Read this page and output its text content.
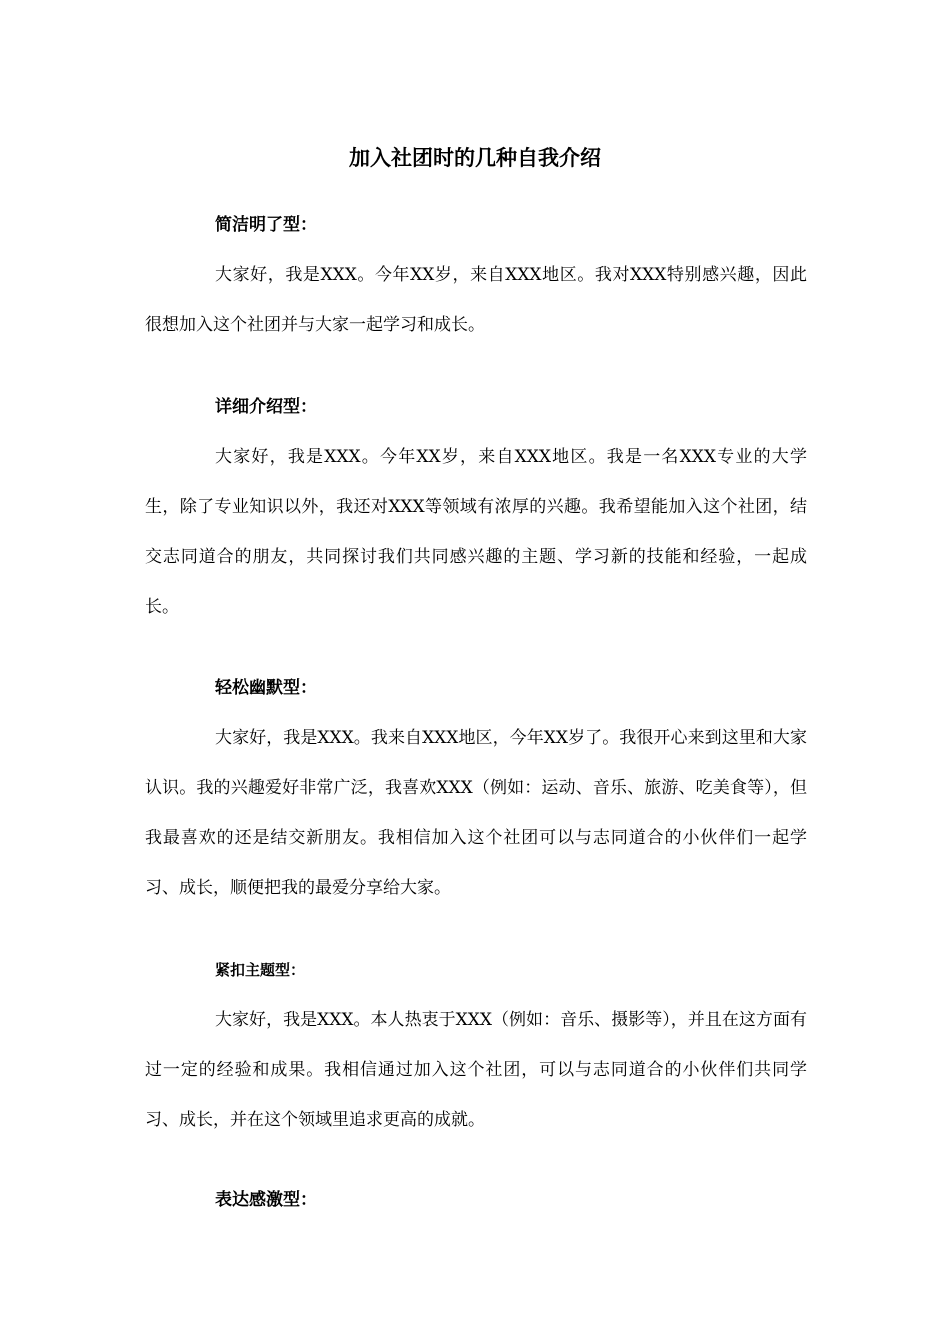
加入社团时的几种自我介绍
简洁明了型：

大家好，我是XXX。今年XX岁，来自XXX地区。我对XXX特别感兴趣，因此很想加入这个社团并与大家一起学习和成长。

详细介绍型：

大家好，我是XXX。今年XX岁，来自XXX地区。我是一名XXX专业的大学生，除了专业知识以外，我还对XXX等领域有浓厚的兴趣。我希望能加入这个社团，结交志同道合的朋友，共同探讨我们共同感兴趣的主题、学习新的技能和经验，一起成长。

轻松幽默型：

大家好，我是XXX。我来自XXX地区，今年XX岁了。我很开心来到这里和大家认识。我的兴趣爱好非常广泛，我喜欢XXX（例如：运动、音乐、旅游、吃美食等），但我最喜欢的还是结交新朋友。我相信加入这个社团可以与志同道合的小伙伴们一起学习、成长，顺便把我的最爱分享给大家。

紧扣主题型：

大家好，我是XXX。本人热衷于XXX（例如：音乐、摄影等），并且在这方面有过一定的经验和成果。我相信通过加入这个社团，可以与志同道合的小伙伴们共同学习、成长，并在这个领域里追求更高的成就。

表达感激型：
